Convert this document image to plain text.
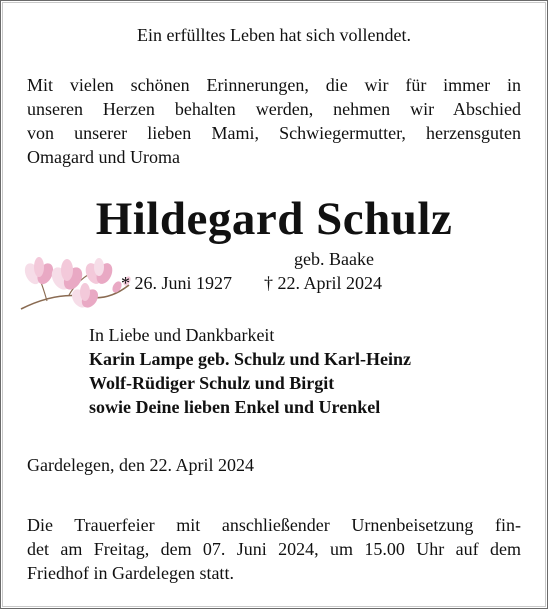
Ein erfülltes Leben hat sich vollendet.
Mit vielen schönen Erinnerungen, die wir für immer in
unseren Herzen behalten werden, nehmen wir Abschied
von unserer lieben Mami, Schwiegermutter, herzensguten
Omagard und Uroma
Hildegard Schulz
geb. Baake
* 26. Juni 1927 † 22. April 2024
In Liebe und Dankbarkeit
Karin Lampe geb. Schulz und Karl-Heinz
Wolf-Rüdiger Schulz und Birgit
sowie Deine lieben Enkel und Urenkel
Gardelegen, den 22. April 2024
Die Trauerfeier mit anschließender Urnenbeisetzung fin-
det am Freitag, dem 07. Juni 2024, um 15.00 Uhr auf dem
Friedhof in Gardelegen statt.
